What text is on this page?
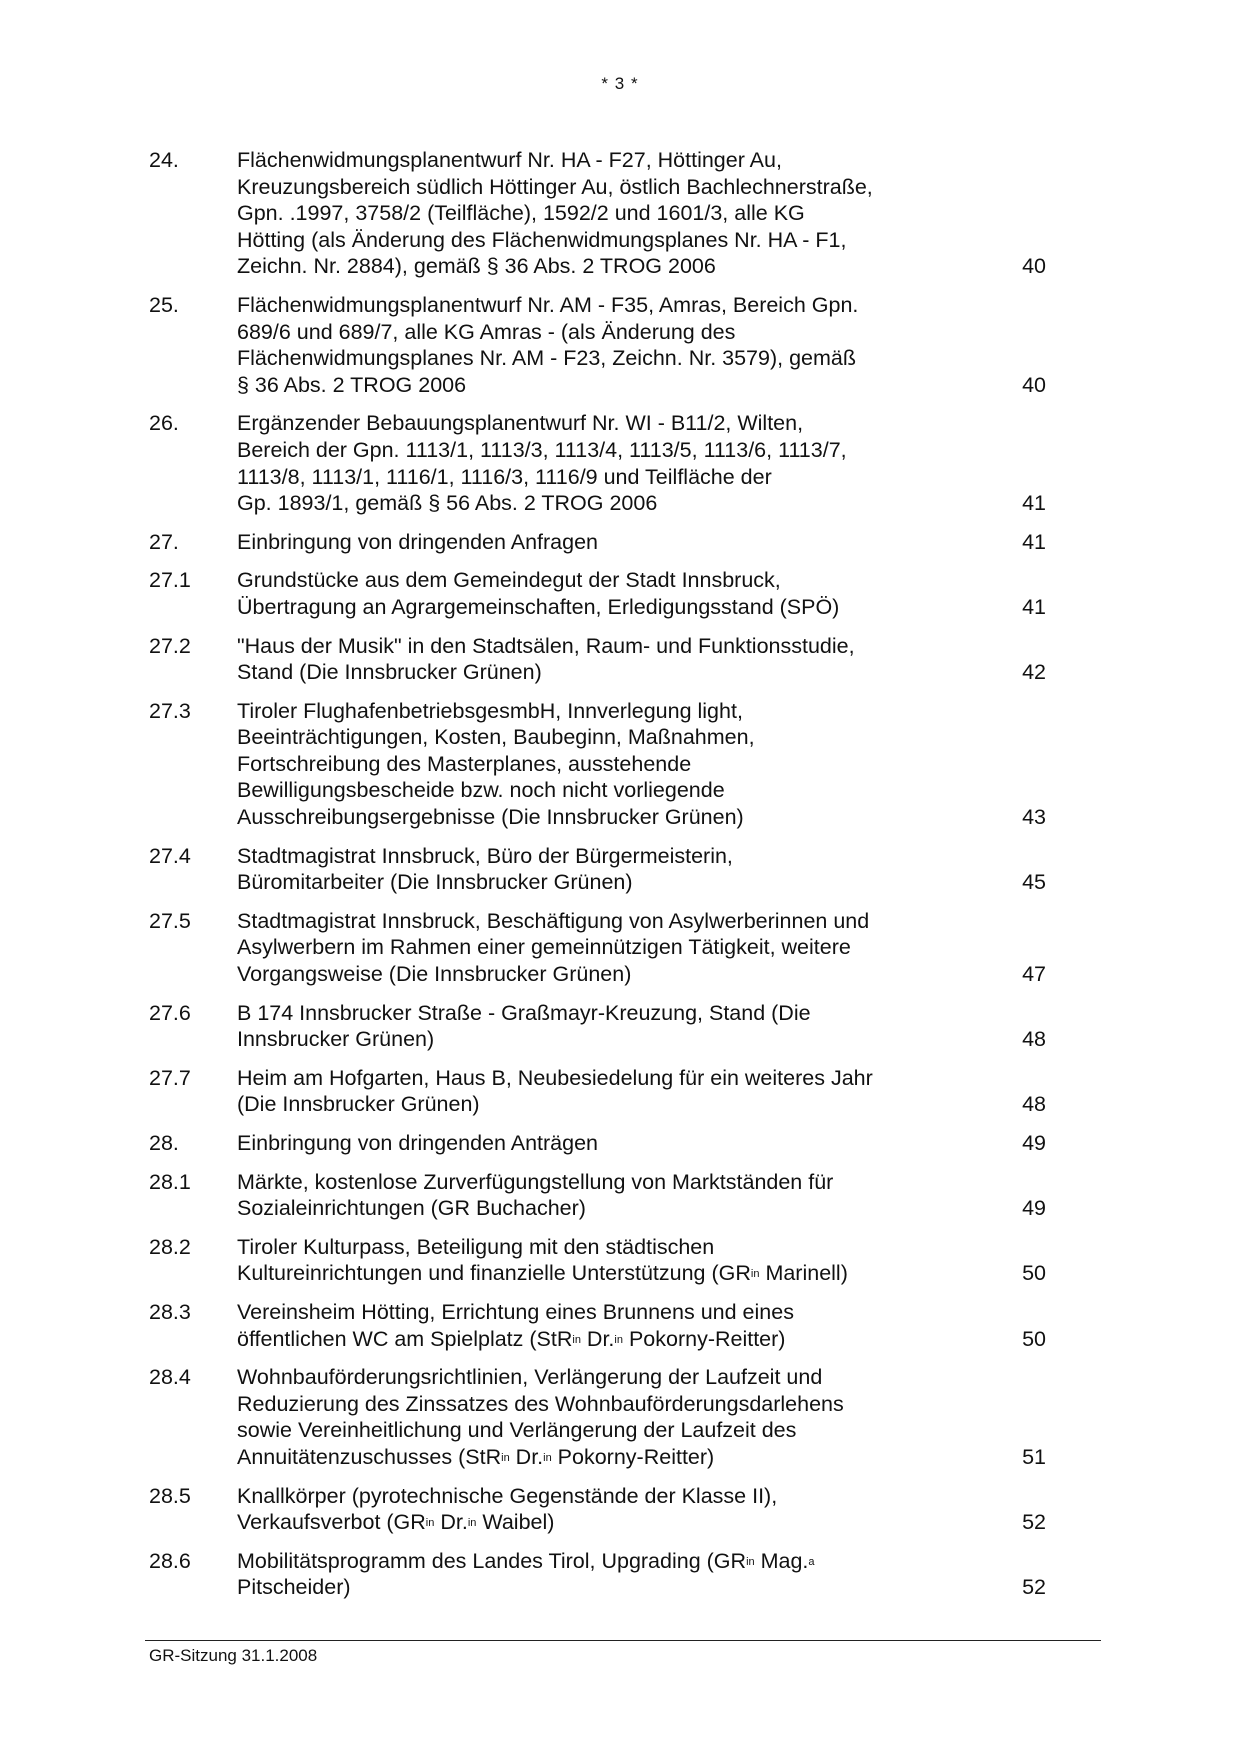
* 3 *
24.	Flächenwidmungsplanentwurf Nr. HA - F27, Höttinger Au,
Kreuzungsbereich südlich Höttinger Au, östlich Bachlechnerstraße,
Gpn. .1997, 3758/2 (Teilfläche), 1592/2 und 1601/3, alle KG
Hötting (als Änderung des Flächenwidmungsplanes Nr. HA - F1,
Zeichn. Nr. 2884), gemäß § 36 Abs. 2 TROG 2006	40
25.	Flächenwidmungsplanentwurf Nr. AM - F35, Amras, Bereich Gpn.
689/6 und 689/7, alle KG Amras - (als Änderung des
Flächenwidmungsplanes Nr. AM - F23, Zeichn. Nr. 3579), gemäß
§ 36 Abs. 2 TROG 2006	40
26.	Ergänzender Bebauungsplanentwurf Nr. WI - B11/2, Wilten,
Bereich der Gpn. 1113/1, 1113/3, 1113/4, 1113/5, 1113/6, 1113/7,
1113/8, 1113/1, 1116/1, 1116/3, 1116/9 und Teilfläche der
Gp. 1893/1, gemäß § 56 Abs. 2 TROG 2006	41
27.	Einbringung von dringenden Anfragen	41
27.1	Grundstücke aus dem Gemeindegut der Stadt Innsbruck,
Übertragung an Agrargemeinschaften, Erledigungsstand (SPÖ)	41
27.2	"Haus der Musik" in den Stadtsälen, Raum- und Funktionsstudie,
Stand (Die Innsbrucker Grünen)	42
27.3	Tiroler FlughafenbetriebsgesmbH, Innverlegung light,
Beeinträchtigungen, Kosten, Baubeginn, Maßnahmen,
Fortschreibung des Masterplanes, ausstehende
Bewilligungsbescheide bzw. noch nicht vorliegende
Ausschreibungsergebnisse (Die Innsbrucker Grünen)	43
27.4	Stadtmagistrat Innsbruck, Büro der Bürgermeisterin,
Büromitarbeiter (Die Innsbrucker Grünen)	45
27.5	Stadtmagistrat Innsbruck, Beschäftigung von Asylwerberinnen und
Asylwerbern im Rahmen einer gemeinnützigen Tätigkeit, weitere
Vorgangsweise (Die Innsbrucker Grünen)	47
27.6	B 174 Innsbrucker Straße - Graßmayr-Kreuzung, Stand (Die
Innsbrucker Grünen)	48
27.7	Heim am Hofgarten, Haus B, Neubesiedelung für ein weiteres Jahr
(Die Innsbrucker Grünen)	48
28.	Einbringung von dringenden Anträgen	49
28.1	Märkte, kostenlose Zurverfügungstellung von Marktständen für
Sozialeinrichtungen (GR Buchacher)	49
28.2	Tiroler Kulturpass, Beteiligung mit den städtischen
Kultureinrichtungen und finanzielle Unterstützung ($GR^{in}$ Marinell)	50
28.3	Vereinsheim Hötting, Errichtung eines Brunnens und eines
öffentlichen WC am Spielplatz (StR$^{in}$ Dr.$^{in}$ Pokorny-Reitter)	50
28.4	Wohnbauförderungsrichtlinien, Verlängerung der Laufzeit und
Reduzierung des Zinssatzes des Wohnbauförderungsdarlehens
sowie Vereinheitlichung und Verlängerung der Laufzeit des
Annuitätenzuschusses (StR$^{in}$ Dr.$^{in}$ Pokorny-Reitter)	51
28.5	Knallkörper (pyrotechnische Gegenstände der Klasse II),
Verkaufsverbot ($GR^{in}$ Dr.$^{in}$ Waibel)	52
28.6	Mobilitätsprogramm des Landes Tirol, Upgrading ($GR^{in}$ Mag.$^a$
Pitscheider)	52
GR-Sitzung 31.1.2008
